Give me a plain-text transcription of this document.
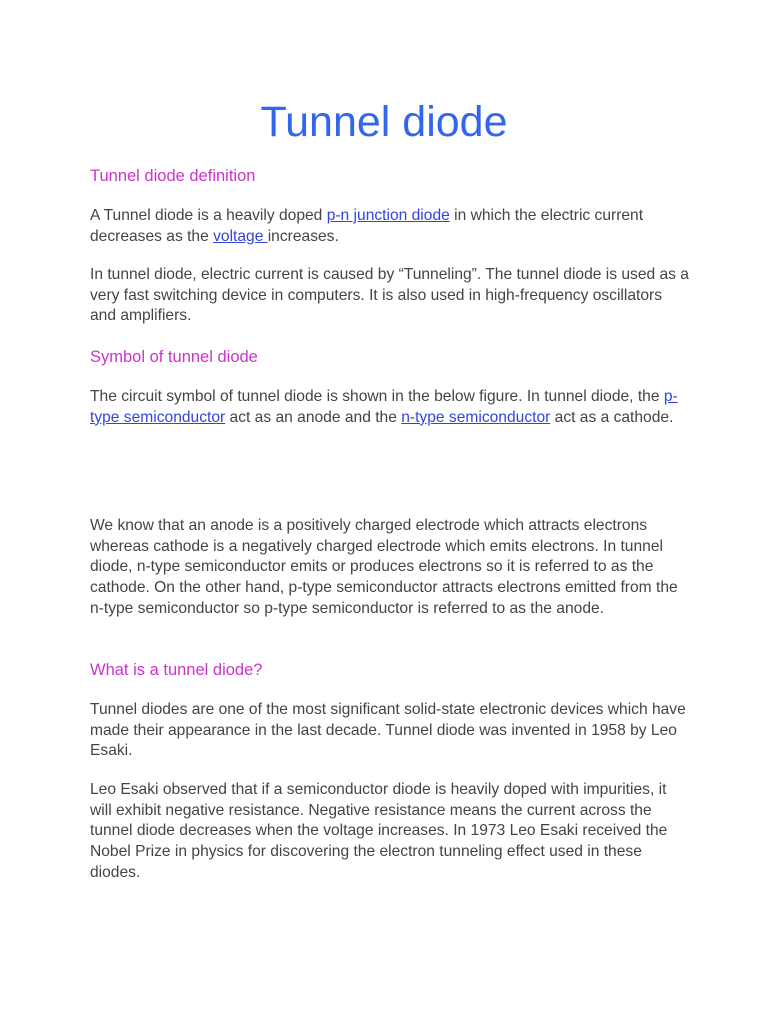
Tunnel diode
Tunnel diode definition

A Tunnel diode is a heavily doped p-n junction diode in which the electric current decreases as the voltage increases.

In tunnel diode, electric current is caused by “Tunneling”. The tunnel diode is used as a very fast switching device in computers. It is also used in high-frequency oscillators and amplifiers.

Symbol of tunnel diode

The circuit symbol of tunnel diode is shown in the below figure. In tunnel diode, the p-type semiconductor act as an anode and the n-type semiconductor act as a cathode.

We know that an anode is a positively charged electrode which attracts electrons whereas cathode is a negatively charged electrode which emits electrons. In tunnel diode, n-type semiconductor emits or produces electrons so it is referred to as the cathode. On the other hand, p-type semiconductor attracts electrons emitted from the n-type semiconductor so p-type semiconductor is referred to as the anode.

What is a tunnel diode?

Tunnel diodes are one of the most significant solid-state electronic devices which have made their appearance in the last decade. Tunnel diode was invented in 1958 by Leo Esaki.

Leo Esaki observed that if a semiconductor diode is heavily doped with impurities, it will exhibit negative resistance. Negative resistance means the current across the tunnel diode decreases when the voltage increases. In 1973 Leo Esaki received the Nobel Prize in physics for discovering the electron tunneling effect used in these diodes.
